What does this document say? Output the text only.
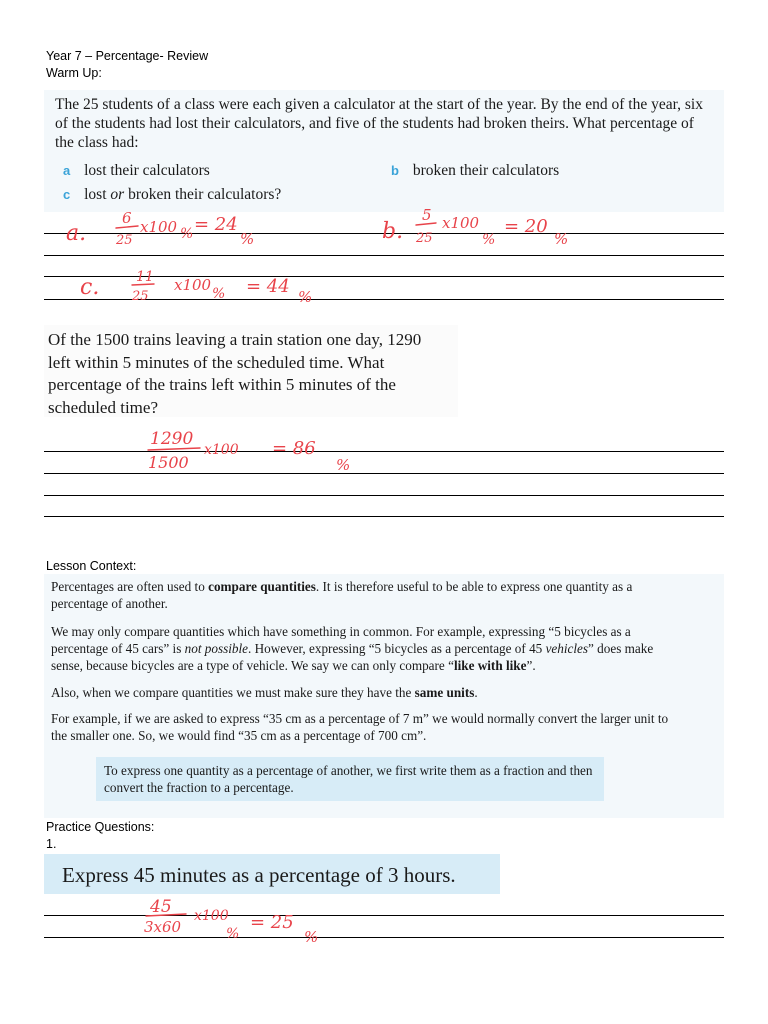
Year 7 – Percentage- Review
Warm Up:
The 25 students of a class were each given a calculator at the start of the year. By the end of the year, six of the students had lost their calculators, and five of the students had broken theirs. What percentage of the class had:
a lost their calculators	b broken their calculators
c lost or broken their calculators?
a.
6
25
x100 % = 24
%	b.
5
25
x100
%
= 20
%
c.	11
25
x100 % = 44 %
Of the 1500 trains leaving a train station one day, 1290 left within 5 minutes of the scheduled time. What percentage of the trains left within 5 minutes of the scheduled time?
1290
1500
x100 = 86
%
Lesson Context:
Percentages are often used to compare quantities. It is therefore useful to be able to express one quantity as a percentage of another.
We may only compare quantities which have something in common. For example, expressing “5 bicycles as a percentage of 45 cars” is not possible. However, expressing “5 bicycles as a percentage of 45 vehicles” does make sense, because bicycles are a type of vehicle. We say we can only compare “like with like”.
Also, when we compare quantities we must make sure they have the same units.
For example, if we are asked to express “35 cm as a percentage of 7 m” we would normally convert the larger unit to the smaller one. So, we would find “35 cm as a percentage of 700 cm”.
To express one quantity as a percentage of another, we first write them as a fraction and then convert the fraction to a percentage.
Practice Questions:
1.
Express 45 minutes as a percentage of 3 hours.
45
3x60
x100
%
= 25
%
